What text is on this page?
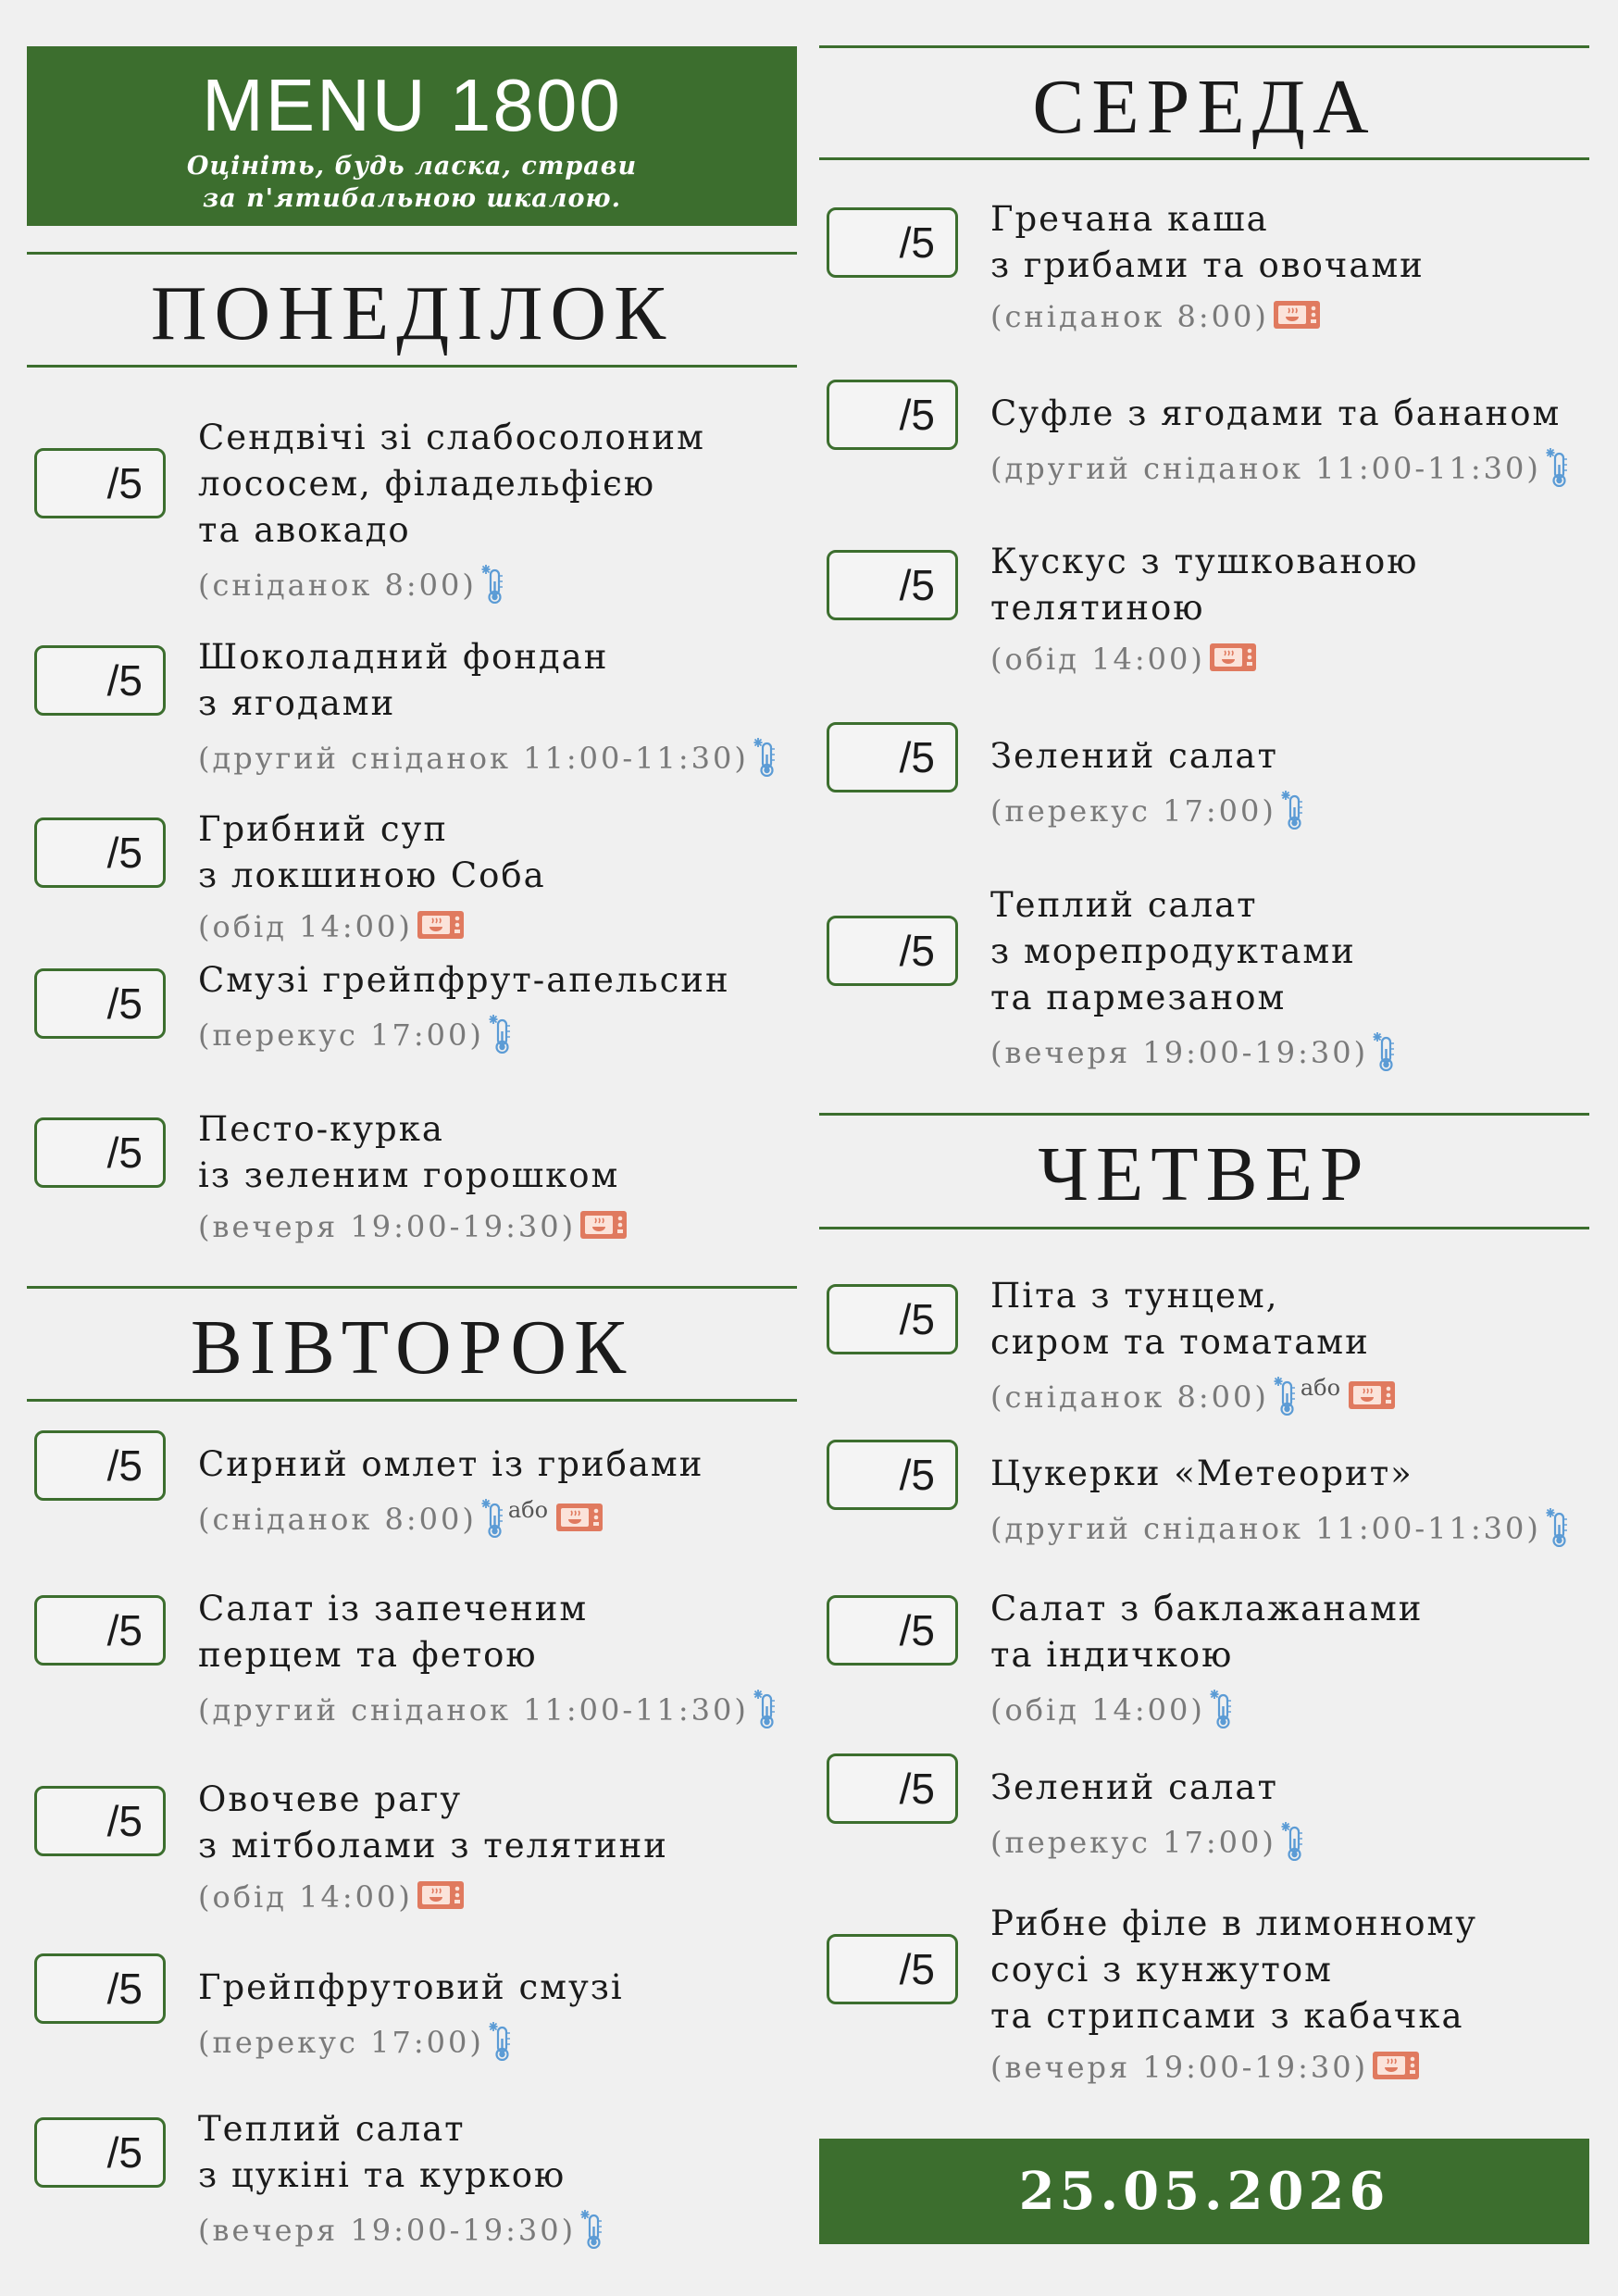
MENU 1800
Оцініть, будь ласка, страви
за п'ятибальною шкалою.
ПОНЕДІЛОК
/5
Сендвічі зі слабосолоним
лососем, філадельфією
та авокадо
(сніданок 8:00)
/5	Шоколадний фондан
з ягодами
(другий сніданок 11:00-11:30)
/5	Грибний суп
з локшиною Соба
(обід 14:00)
/5	Смузі грейпфрут-апельсин
(перекус 17:00)
/5	Песто-курка
із зеленим горошком
(вечеря 19:00-19:30)
ВІВТОРОК
/5	Сирний омлет із грибами
(сніданок 8:00) або
/5	Салат із запеченим
перцем та фетою
(другий сніданок 11:00-11:30)
/5	Овочеве рагу
з мітболами з телятини
(обід 14:00)
/5	Грейпфрутовий смузі
(перекус 17:00)
/5	Теплий салат
з цукіні та куркою
(вечеря 19:00-19:30)
СЕРЕДА
/5	Гречана каша
з грибами та овочами
(сніданок 8:00)
/5	Суфле з ягодами та бананом
(другий сніданок 11:00-11:30)
/5	Кускус з тушкованою
телятиною
(обід 14:00)
/5	Зелений салат
(перекус 17:00)
/5
Теплий салат
з морепродуктами
та пармезаном
(вечеря 19:00-19:30)
ЧЕТВЕР
/5	Піта з тунцем,
сиром та томатами
(сніданок 8:00) або
/5	Цукерки «Метеорит»
(другий сніданок 11:00-11:30)
/5	Салат з баклажанами
та індичкою
(обід 14:00)
/5	Зелений салат
(перекус 17:00)
/5
Рибне філе в лимонному
соусі з кунжутом
та стрипсами з кабачка
(вечеря 19:00-19:30)
25.05.2026
